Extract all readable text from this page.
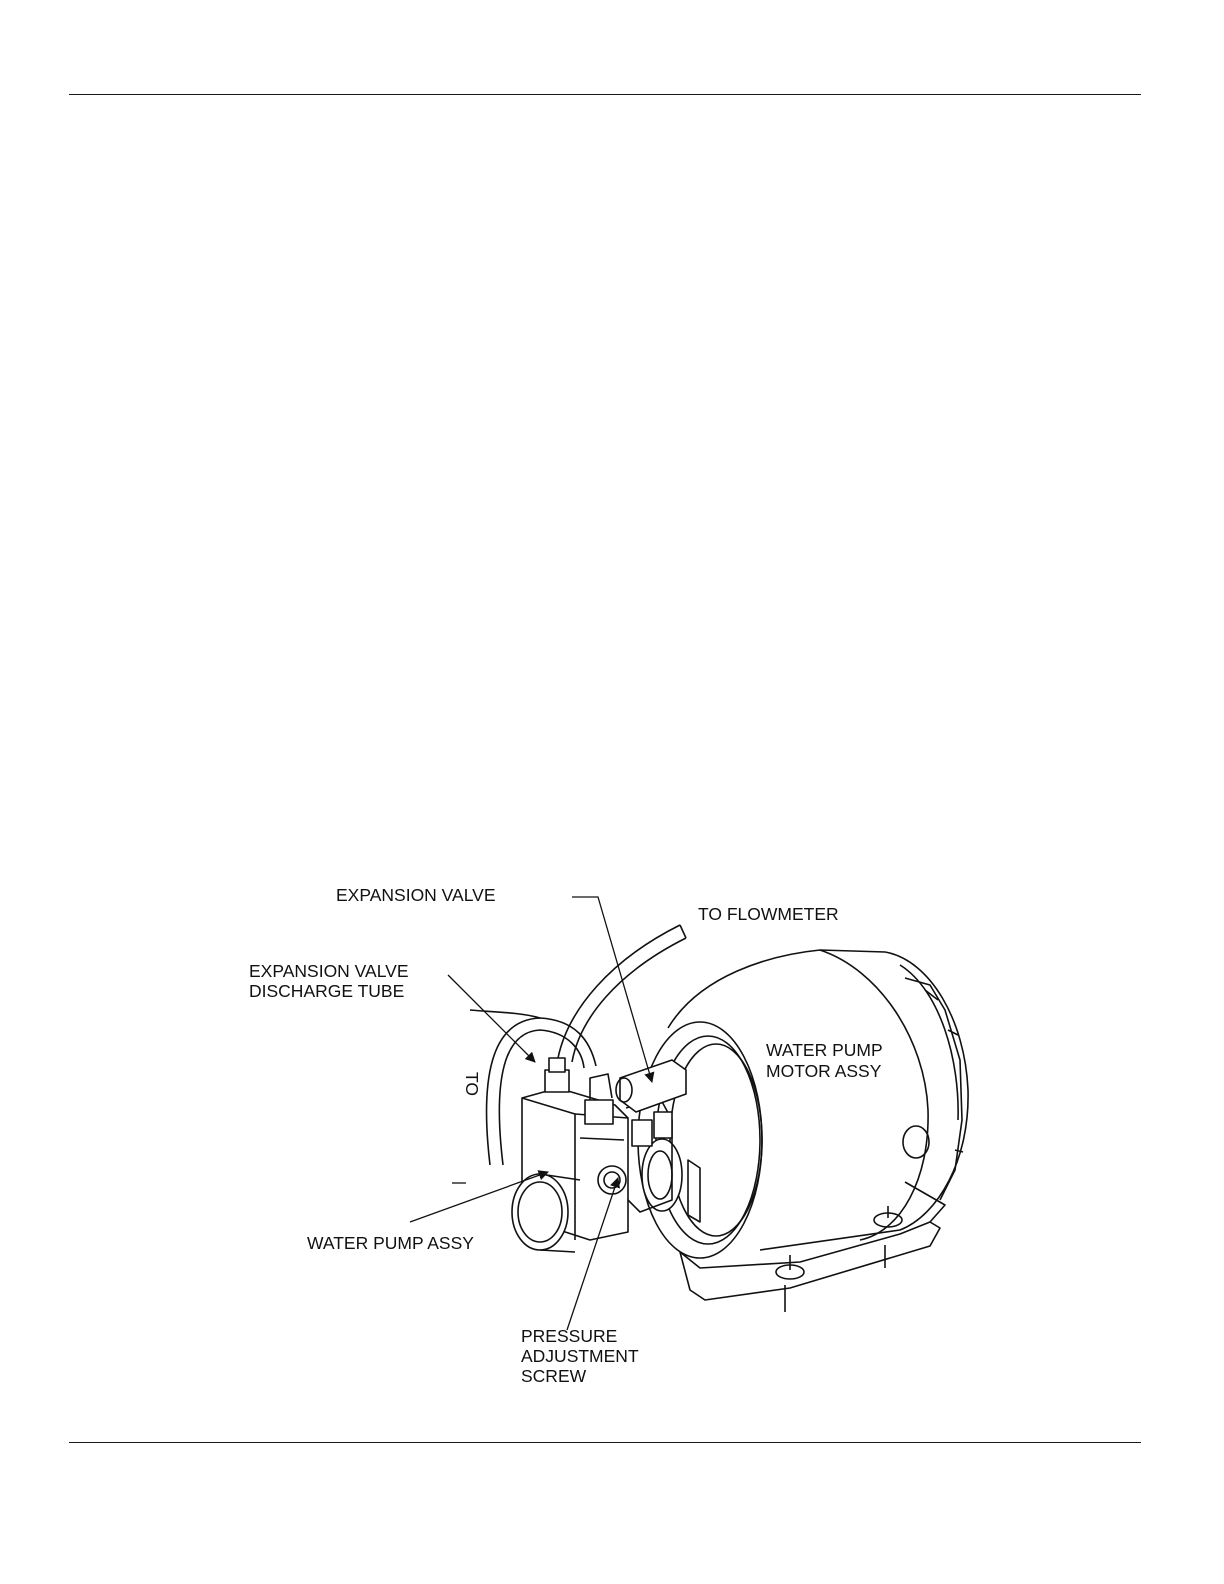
EXPANSION VALVE
TO FLOWMETER
EXPANSION VALVE
DISCHARGE TUBE
TO
WATER PUMP
MOTOR ASSY
WATER PUMP ASSY
PRESSURE
ADJUSTMENT
SCREW
